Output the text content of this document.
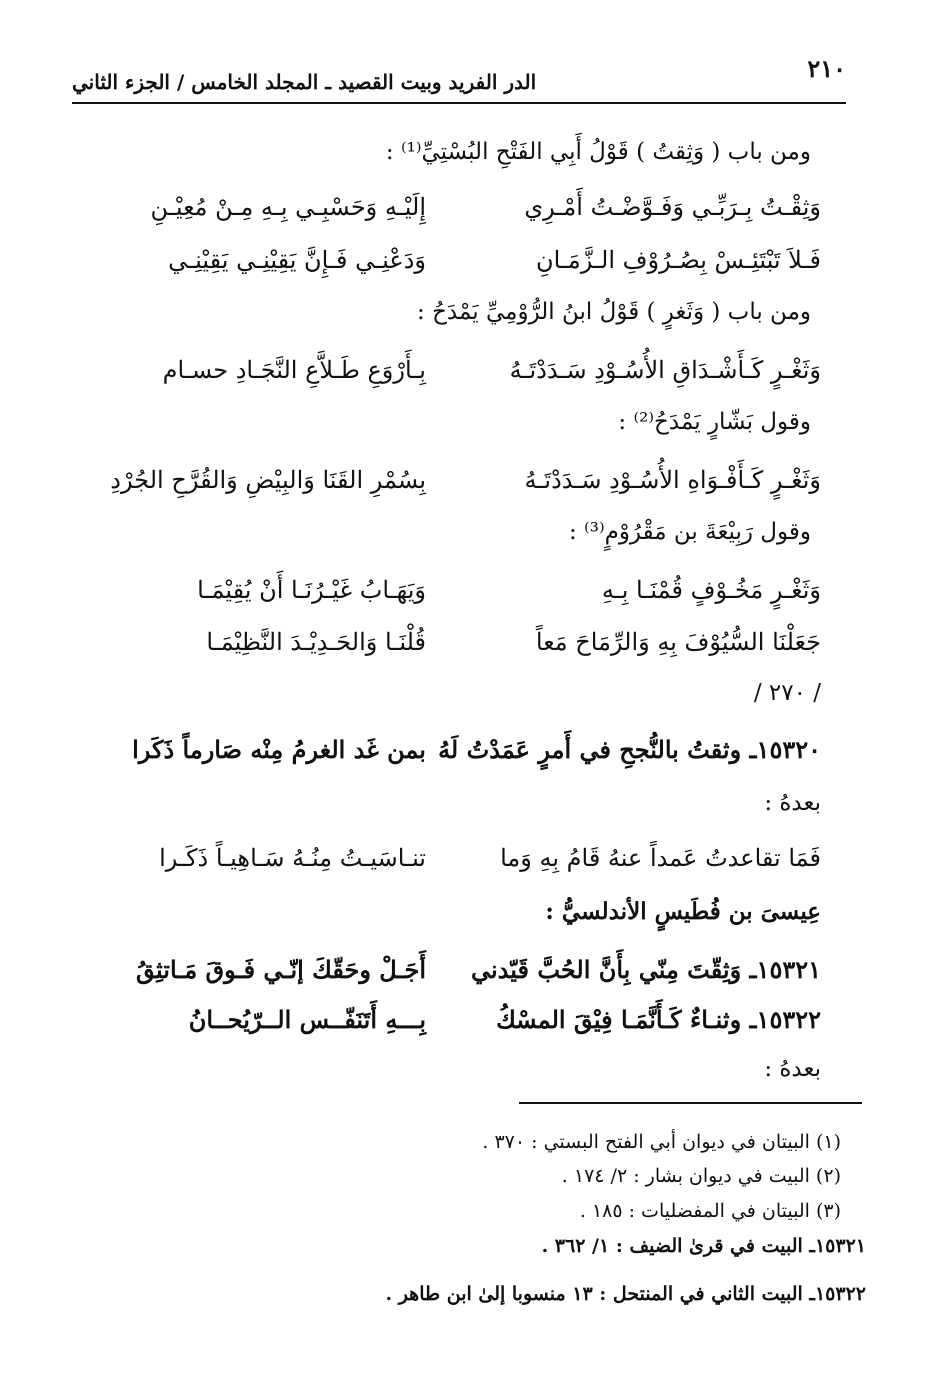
٢١٠
الدر الفريد وبيت القصيد ـ المجلد الخامس / الجزء الثاني
ومن باب ( وَثِقتُ ) قَوْلُ أَبِي الفَتْحِ البُسْتِيِّ⁽¹⁾ :
وَثِقْـتُ بِـرَبِّـي وَفَـوَّضْـتُ أَمْـرِي
إِلَيْـهِ وَحَسْبِـي بِـهِ مِـنْ مُعِيْـنِ
فَـلاَ تَبْتَئِـسْ بِصُـرُوْفِ الـزَّمَـانِ
وَدَعْنِـي فَـإِنَّ يَقِيْنِـي يَقِيْنِـي
ومن باب ( وَثَغرٍ ) قَوْلُ ابنُ الرُّوْمِيِّ يَمْدَحُ :
وَثَغْـرٍ كَـأَشْـدَاقِ الأُسُـوْدِ سَـدَدْتَـهُ
بِـأَرْوَعِ طَـلاَّعِ النَّجَـادِ حسـام
وقول بَشّارٍ يَمْدَحُ⁽²⁾ :
وَثَغْـرٍ كَـأَفْـوَاهِ الأُسُـوْدِ سَـدَدْتَـهُ
بِسُمْرِ القَنَا وَالبِيْضِ وَالقُرَّحِ الجُرْدِ
وقول رَبِيْعَةَ بن مَقْرُوْمٍ⁽³⁾ :
وَثَغْـرٍ مَخُـوْفٍ قُمْنَـا بِـهِ
وَيَهَـابُ غَيْـرُنَـا أَنْ يُقِيْمَـا
جَعَلْنَا السُّيُوْفَ بِهِ وَالرِّمَاحَ مَعاً
قُلْنَـا وَالحَـدِيْـدَ النَّظِيْمَـا
/ ٢٧٠ /
١٥٣٢٠ـ وثقتُ بالنُّجحِ في أَمرٍ عَمَدْتُ لَهُ
بمن غَد الغرمُ مِنْه صَارماً ذَكَرا
بعدهُ :
فَمَا تقاعدتُ عَمداً عنهُ قَامُ بِهِ وَما
تنـاسَيـتُ مِنُـهُ سَـاهِيـاً ذَكَـرا
عِيسىَ بن فُطَيسٍ الأندلسيُّ :
١٥٣٢١ـ وَثِقّتَ مِنّي بِأَنَّ الحُبَّ قَيّدني
أَجَـلْ وحَقّكَ إنّـي فَـوقَ مَـاتثِقُ
١٥٣٢٢ـ وثنـاءٌ كَـأَنَّمَـا فِيْقَ المسْكُ
بِـــهِ أَتَنَفّــس الــرّيُحــانُ
بعدهُ :
(١) البيتان في ديوان أبي الفتح البستي : ٣٧٠ .
(٢) البيت في ديوان بشار : ٢/ ١٧٤ .
(٣) البيتان في المفضليات : ١٨٥ .
١٥٣٢١ـ البيت في قرىٰ الضيف : ١/ ٣٦٢ .
١٥٣٢٢ـ البيت الثاني في المنتحل : ١٣ منسوبا إلىٰ ابن طاهر .
